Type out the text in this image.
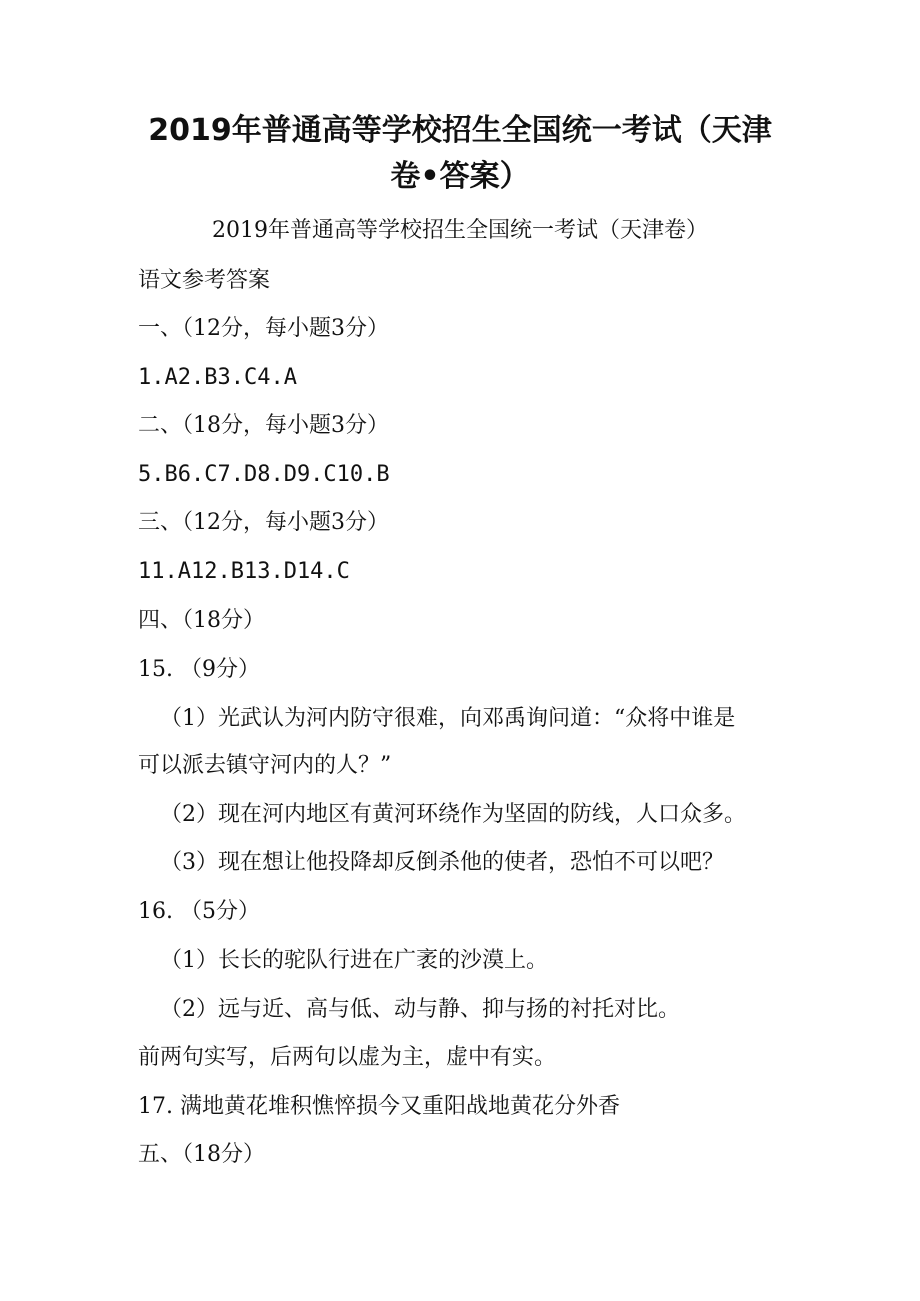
2019年普通高等学校招生全国统一考试（天津卷•答案）
2019年普通高等学校招生全国统一考试（天津卷）
语文参考答案
一、（12分，每小题3分）
1.A2.B3.C4.A
二、（18分，每小题3分）
5.B6.C7.D8.D9.C10.B
三、（12分，每小题3分）
11.A12.B13.D14.C
四、（18分）
15. （9分）
（1）光武认为河内防守很难，向邓禹询问道：“众将中谁是
可以派去镇守河内的人？”
（2）现在河内地区有黄河环绕作为坚固的防线，人口众多。
（3）现在想让他投降却反倒杀他的使者，恐怕不可以吧？
16. （5分）
（1）长长的驼队行进在广袤的沙漠上。
（2）远与近、高与低、动与静、抑与扬的衬托对比。
前两句实写，后两句以虚为主，虚中有实。
17. 满地黄花堆积憔悴损今又重阳战地黄花分外香
五、（18分）
